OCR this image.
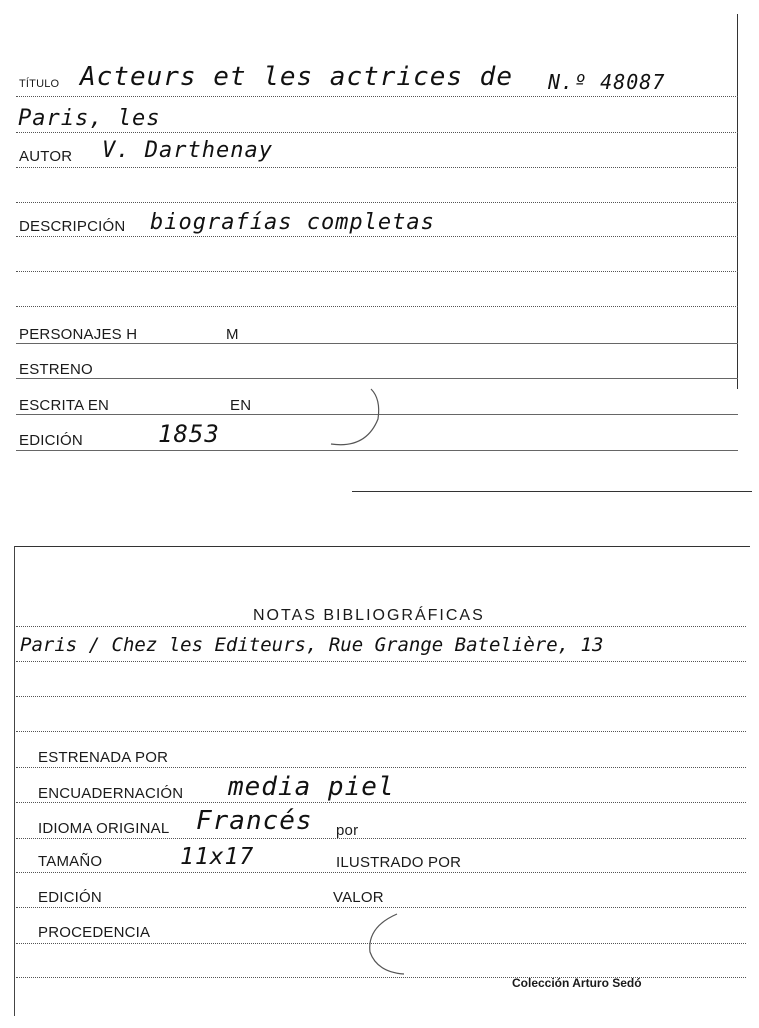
TÍTULO Acteurs et les actrices de N.º 48087
Paris, les
AUTOR V. Darthenay
DESCRIPCIÓN biografías completas
PERSONAJES H	M
ESTRENO
ESCRITA EN	EN
EDICIÓN	1853
NOTAS BIBLIOGRÁFICAS
Paris / Chez les Editeurs, Rue Grange Batelière, 13
ESTRENADA POR
ENCUADERNACIÓN media piel
IDIOMA ORIGINAL Francés por
TAMAÑO	11x17	ILUSTRADO POR
EDICIÓN	VALOR
PROCEDENCIA
Colección Arturo Sedó
